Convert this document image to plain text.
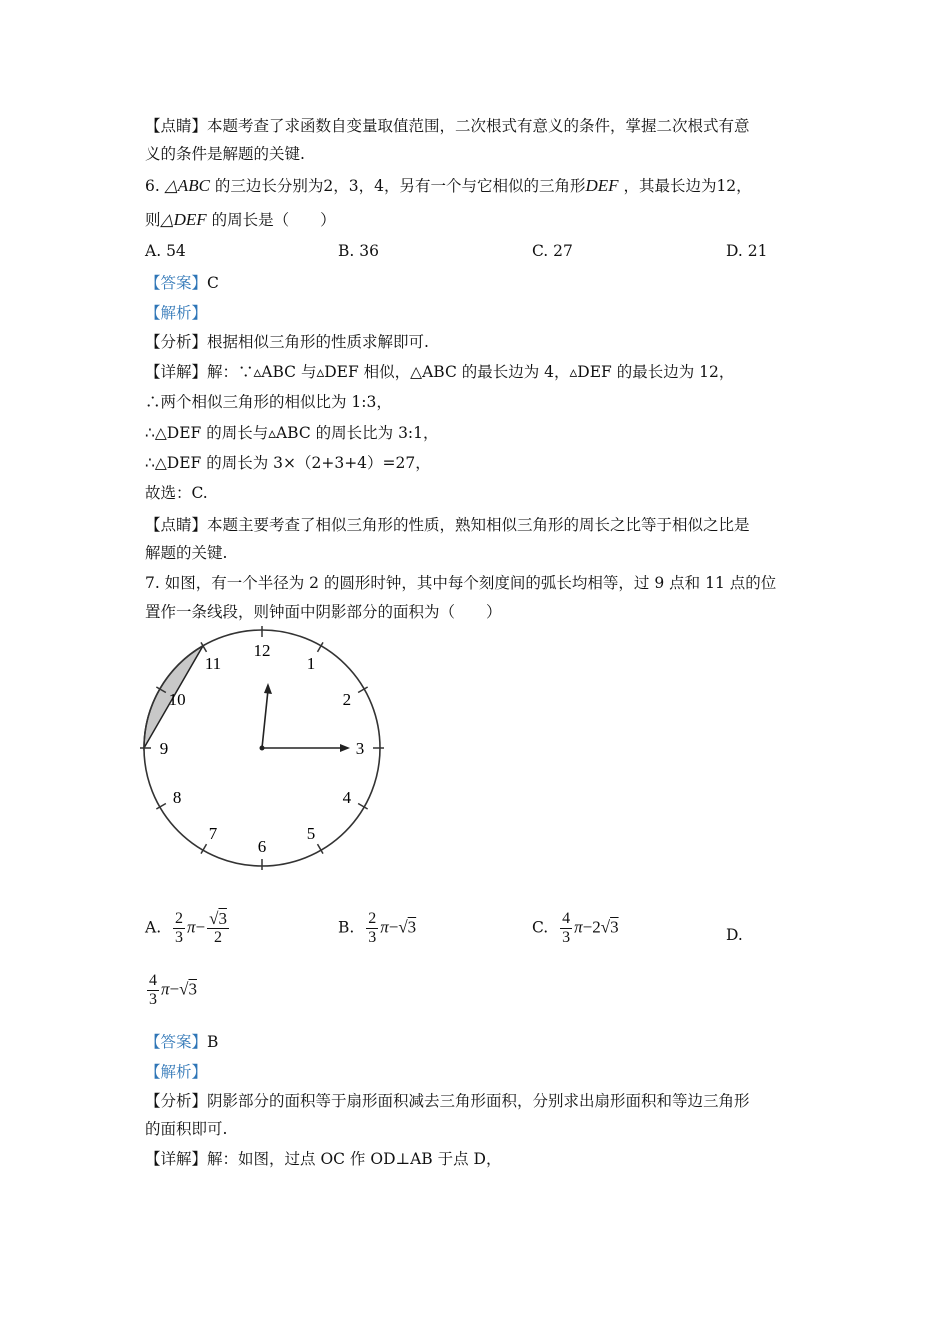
【点睛】本题考查了求函数自变量取值范围，二次根式有意义的条件，掌握二次根式有意
义的条件是解题的关键.
6. △ABC 的三边长分别为2，3，4，另有一个与它相似的三角形DEF ，其最长边为12，
则△DEF 的周长是（　　）
A. 54	B. 36	C. 27	D. 21
【答案】C
【解析】
【分析】根据相似三角形的性质求解即可.
【详解】解：∵▵ABC 与▵DEF 相似，△ABC 的最长边为 4，▵DEF 的最长边为 12，
∴两个相似三角形的相似比为 1:3，
∴△DEF 的周长与▵ABC 的周长比为 3:1，
∴△DEF 的周长为 3×（2+3+4）=27，
故选：C.
【点睛】本题主要考查了相似三角形的性质，熟知相似三角形的周长之比等于相似之比是
解题的关键.
7. 如图，有一个半径为 2 的圆形时钟，其中每个刻度间的弧长均相等，过 9 点和 11 点的位
置作一条线段，则钟面中阴影部分的面积为（　　）
12
1
2
3
4
5
6
7
8
9
10
11
A. $\frac{2}{3} \pi- \frac{√3}{2}$	B. $\frac{2}{3} \pi-√3$	C. $\frac{4}{3} \pi-2√3$	D.
$\frac{4}{3} \pi-√3$
【答案】B
【解析】
【分析】阴影部分的面积等于扇形面积减去三角形面积，分别求出扇形面积和等边三角形
的面积即可.
【详解】解：如图，过点 OC 作 OD⊥AB 于点 D，
